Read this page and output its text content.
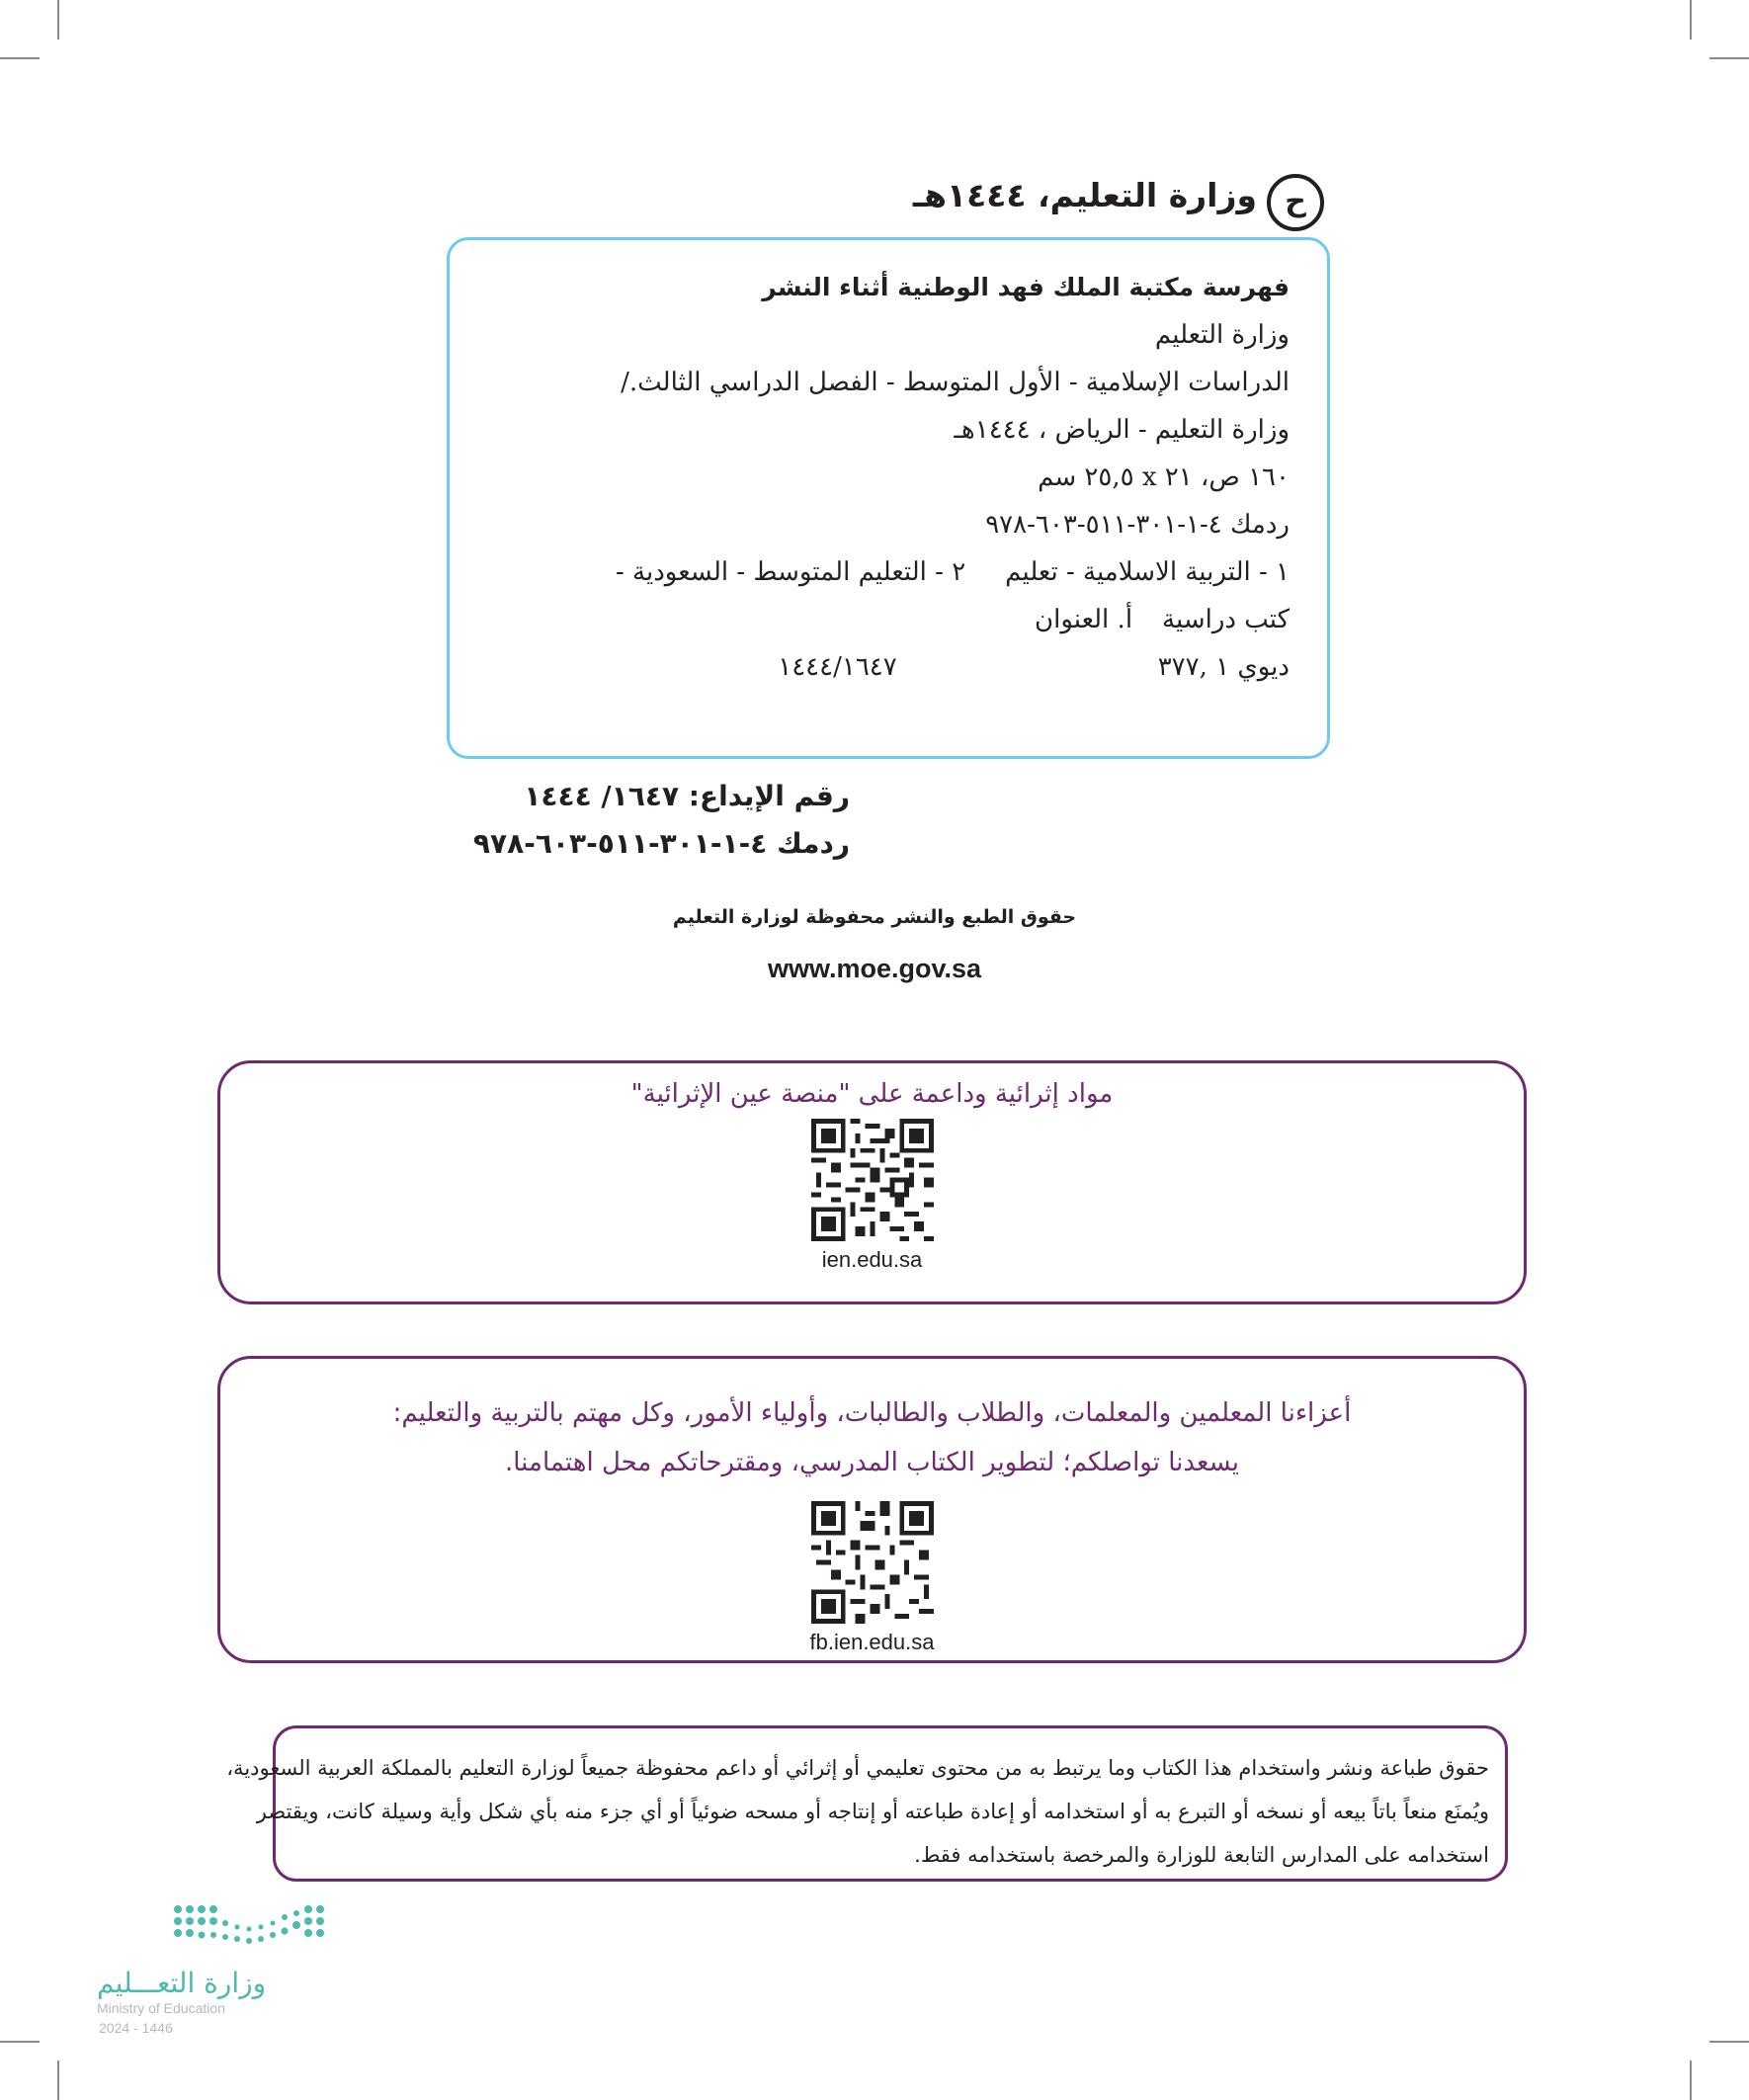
ح
وزارة التعليم، ١٤٤٤هـ
فهرسة مكتبة الملك فهد الوطنية أثناء النشر
وزارة التعليم
الدراسات الإسلامية - الأول المتوسط - الفصل الدراسي الثالث./
وزارة التعليم - الرياض ، ١٤٤٤هـ
١٦٠ ص، ٢١ x ٢٥,٥ سم
ردمك ٤-١-٣٠١-٥١١-٦٠٣-٩٧٨
١ - التربية الاسلامية - تعليم
٢ - التعليم المتوسط - السعودية -
كتب دراسية
أ. العنوان
ديوي ١ ,٣٧٧
١٤٤٤/١٦٤٧
رقم الإيداع: ١٦٤٧/ ١٤٤٤
ردمك ٤-١-٣٠١-٥١١-٦٠٣-٩٧٨
حقوق الطبع والنشر محفوظة لوزارة التعليم
www.moe.gov.sa
مواد إثرائية وداعمة على "منصة عين الإثرائية"
ien.edu.sa
أعزاءنا المعلمين والمعلمات، والطلاب والطالبات، وأولياء الأمور، وكل مهتم بالتربية والتعليم:
يسعدنا تواصلكم؛ لتطوير الكتاب المدرسي، ومقترحاتكم محل اهتمامنا.
fb.ien.edu.sa
حقوق طباعة ونشر واستخدام هذا الكتاب وما يرتبط به من محتوى تعليمي أو إثرائي أو داعم محفوظة جميعاً لوزارة التعليم بالمملكة العربية السعودية،
ويُمنَع منعاً باتاً بيعه أو نسخه أو التبرع به أو استخدامه أو إعادة طباعته أو إنتاجه أو مسحه ضوئياً أو أي جزء منه بأي شكل وأية وسيلة كانت، ويقتصر
استخدامه على المدارس التابعة للوزارة والمرخصة باستخدامه فقط.
وزارة التعـــليم
Ministry of Education
2024 - 1446
